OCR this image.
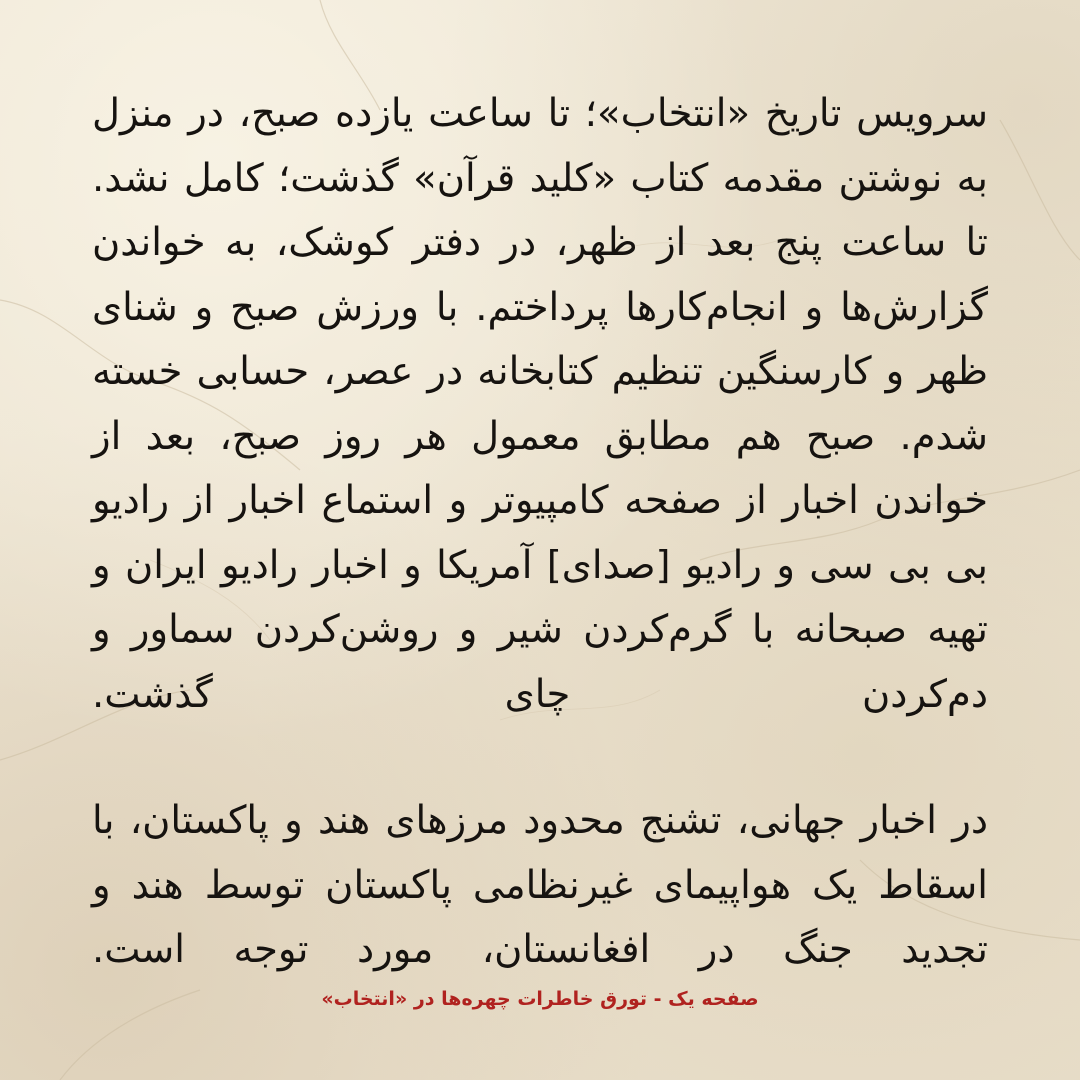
سرویس تاریخ «انتخاب»؛ تا ساعت یازده صبح، در منزل به نوشتن مقدمه کتاب «کلید قرآن» گذشت؛ کامل نشد. تا ساعت پنج بعد از ظهر، در دفتر کوشک، به خواندن گزارش‌ها و انجام‌کارها پرداختم. با ورزش صبح و شنای ظهر و کارسنگین تنظیم کتابخانه در عصر، حسابی خسته شدم. صبح هم مطابق معمول هر روز صبح، بعد از خواندن اخبار از صفحه کامپیوتر و استماع اخبار از رادیو بی بی سی و رادیو [صدای] آمریکا و اخبار رادیو ایران و تهیه صبحانه با گرم‌کردن شیر و روشن‌کردن سماور و دم‌کردن چای گذشت.

در اخبار جهانی، تشنج محدود مرزهای هند و پاکستان، با اسقاط یک هواپیمای غیرنظامی پاکستان توسط هند و تجدید جنگ در افغانستان، مورد توجه است.

صفحه یک - تورق خاطرات چهره‌ها در «انتخاب»
